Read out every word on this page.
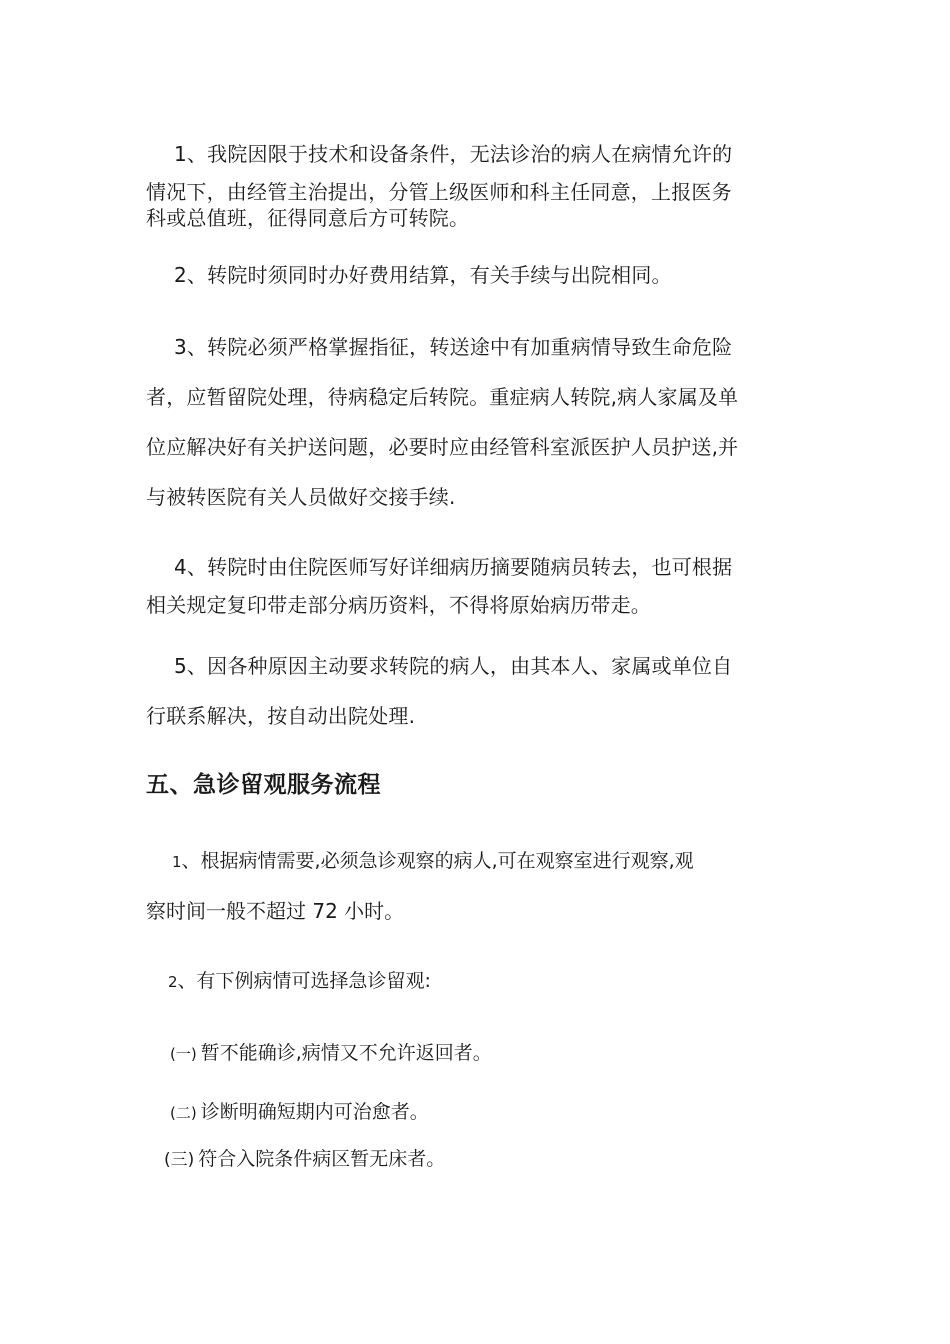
1、我院因限于技术和设备条件，无法诊治的病人在病情允许的
情况下，由经管主治提出，分管上级医师和科主任同意，上报医务
科或总值班，征得同意后方可转院。
2、转院时须同时办好费用结算，有关手续与出院相同。
3、转院必须严格掌握指征，转送途中有加重病情导致生命危险
者，应暂留院处理，待病稳定后转院。重症病人转院,病人家属及单
位应解决好有关护送问题，必要时应由经管科室派医护人员护送,并
与被转医院有关人员做好交接手续.
4、转院时由住院医师写好详细病历摘要随病员转去，也可根据
相关规定复印带走部分病历资料，不得将原始病历带走。
5、因各种原因主动要求转院的病人，由其本人、家属或单位自
行联系解决，按自动出院处理.
五、急诊留观服务流程

1、根据病情需要,必须急诊观察的病人,可在观察室进行观察,观

察时间一般不超过 72 小时。

2、有下例病情可选择急诊留观:

(一) 暂不能确诊,病情又不允许返回者。

(二) 诊断明确短期内可治愈者。

(三) 符合入院条件病区暂无床者。
